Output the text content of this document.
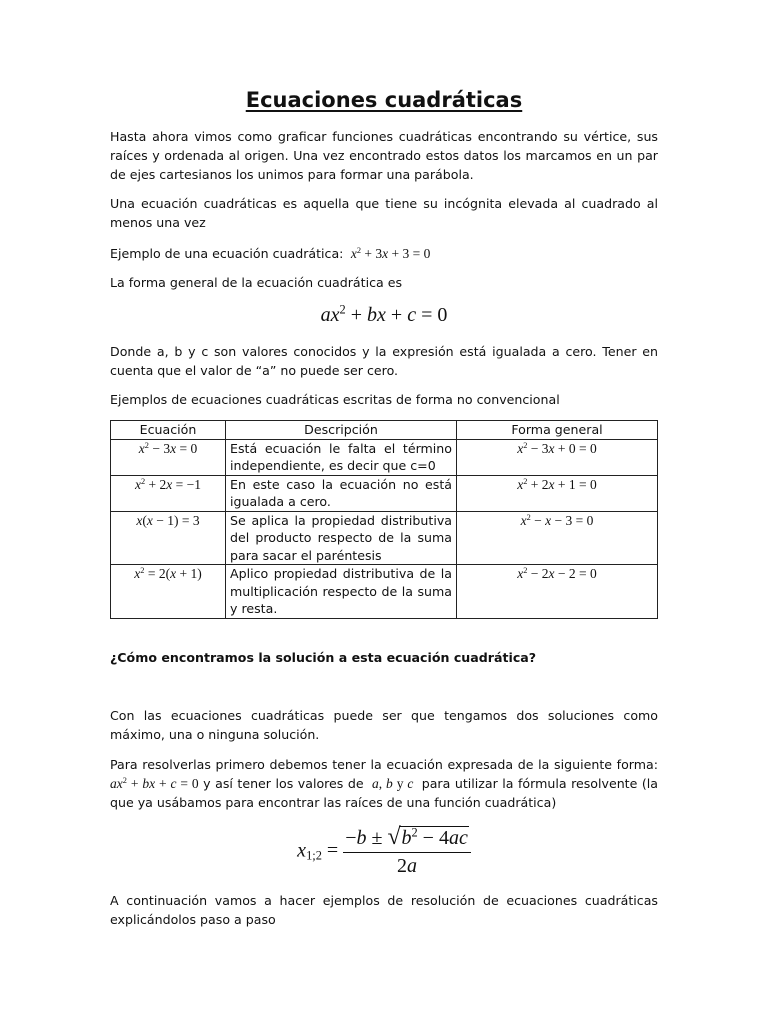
Ecuaciones cuadráticas
Hasta ahora vimos como graficar funciones cuadráticas encontrando su vértice, sus raíces y ordenada al origen. Una vez encontrado estos datos los marcamos en un par de ejes cartesianos los unimos para formar una parábola.
Una ecuación cuadráticas es aquella que tiene su incógnita elevada al cuadrado al menos una vez
Ejemplo de una ecuación cuadrática:  $x^2 + 3x + 3 = 0$
La forma general de la ecuación cuadrática es
$ax^2$ + bx + c = 0
Donde a, b y c son valores conocidos y la expresión está igualada a cero. Tener en cuenta que el valor de “a” no puede ser cero.
Ejemplos de ecuaciones cuadráticas escritas de forma no convencional
Ecuación	Descripción	Forma general
$x^2 - 3x = 0$	Está ecuación le falta el término independiente, es decir que c=0	$x^2 - 3x + 0 = 0$
$x^2 + 2x = -1$	En este caso la ecuación no está igualada a cero.	$x^2 + 2x + 1 = 0$
x(x − 1) = 3	Se aplica la propiedad distributiva del producto respecto de la suma para sacar el paréntesis	$x^2 - x - 3 = 0$
$x^2 = 2(x + 1)$	Aplico propiedad distributiva de la multiplicación respecto de la suma y resta.	$x^2 - 2x - 2 = 0$
¿Cómo encontramos la solución a esta ecuación cuadrática?
Con las ecuaciones cuadráticas puede ser que tengamos dos soluciones como máximo, una o ninguna solución.
Para resolverlas primero debemos tener la ecuación expresada de la siguiente forma: $ax^2$ + bx + c = 0 y así tener los valores de  a, b y c  para utilizar la fórmula resolvente (la que ya usábamos para encontrar las raíces de una función cuadrática)
$x_{1;2} = \frac{-b \pm √ b^2 - 4ac}{2a}$
A continuación vamos a hacer ejemplos de resolución de ecuaciones cuadráticas explicándolos paso a paso
